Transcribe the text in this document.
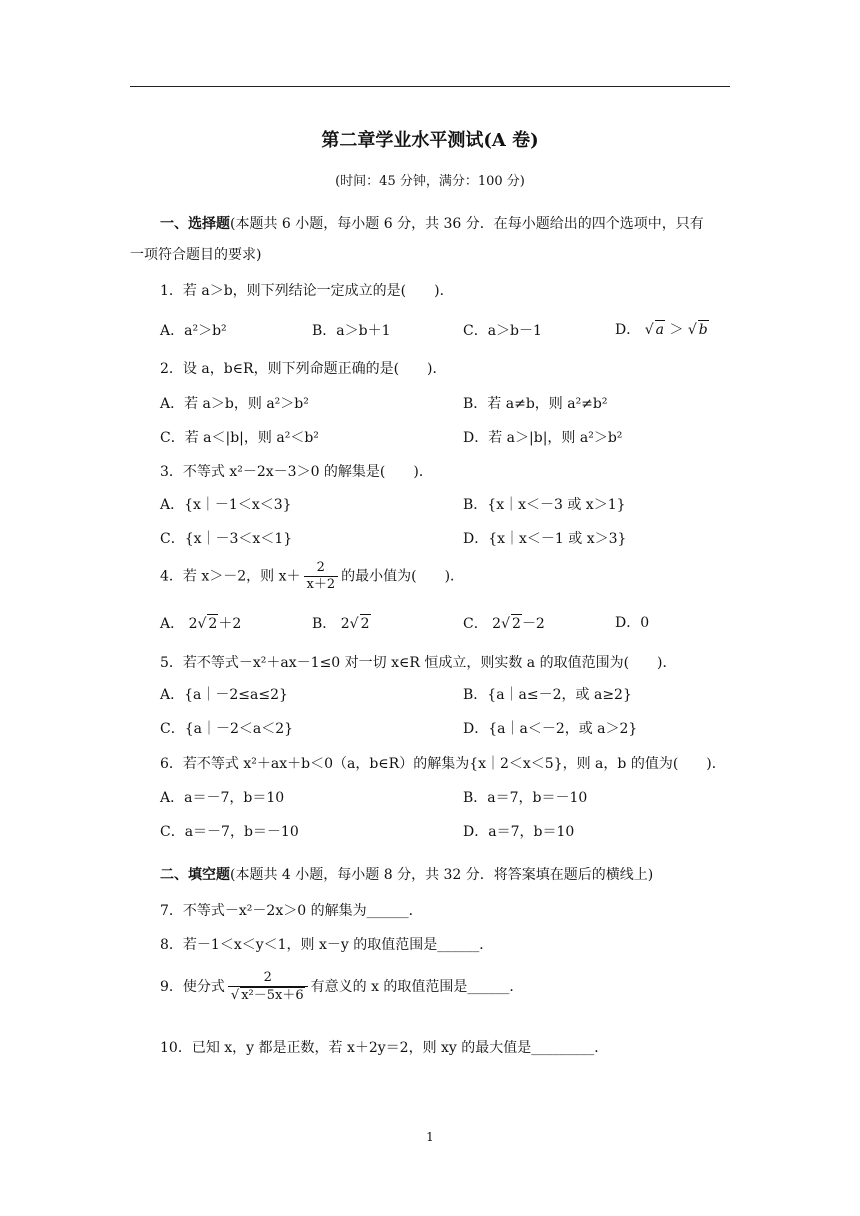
第二章学业水平测试(A 卷)
(时间：45 分钟，满分：100 分)
一、选择题(本题共 6 小题，每小题 6 分，共 36 分．在每小题给出的四个选项中，只有
一项符合题目的要求)
1．若 a＞b，则下列结论一定成立的是(　　)．
A．a²＞b²	B．a＞b＋1	C．a＞b－1	D． √ a ＞ √ b
2．设 a，b∈R，则下列命题正确的是(　　)．
A．若 a＞b，则 a²＞b²	B．若 a≠b，则 a²≠b²
C．若 a＜|b|，则 a²＜b²	D．若 a＞|b|，则 a²＞b²
3．不等式 x²－2x－3＞0 的解集是(　　)．
A．{x｜－1＜x＜3}	B．{x｜x＜－3 或 x＞1}
C．{x｜－3＜x＜1}	D．{x｜x＜－1 或 x＞3}
4．若 x＞－2，则 $x+ \frac{2}{x+2}$ 的最小值为(　　)．
A． 2√ 2＋2	B． 2√ 2	C． 2√ 2－2	D．0
5．若不等式－x²＋ax－1≤0 对一切 x∈R 恒成立，则实数 a 的取值范围为(　　)．
A．{a｜－2≤a≤2}	B．{a｜a≤－2，或 a≥2}
C．{a｜－2＜a＜2}	D．{a｜a＜－2，或 a＞2}
6．若不等式 x²＋ax＋b＜0（a，b∈R）的解集为{x｜2＜x＜5}，则 a，b 的值为(　　)．
A．a＝－7，b＝10	B．a＝7，b＝－10
C．a＝－7，b＝－10	D．a＝7，b＝10
二、填空题(本题共 4 小题，每小题 8 分，共 32 分．将答案填在题后的横线上)
7．不等式－x²－2x＞0 的解集为______．
8．若－1＜x＜y＜1，则 x－y 的取值范围是______．
9．使分式 $\frac{2}{\text{√ x²－5x＋6}}$ 有意义的 x 的取值范围是______．
10．已知 x，y 都是正数，若 x＋2y＝2，则 xy 的最大值是_________．
1
